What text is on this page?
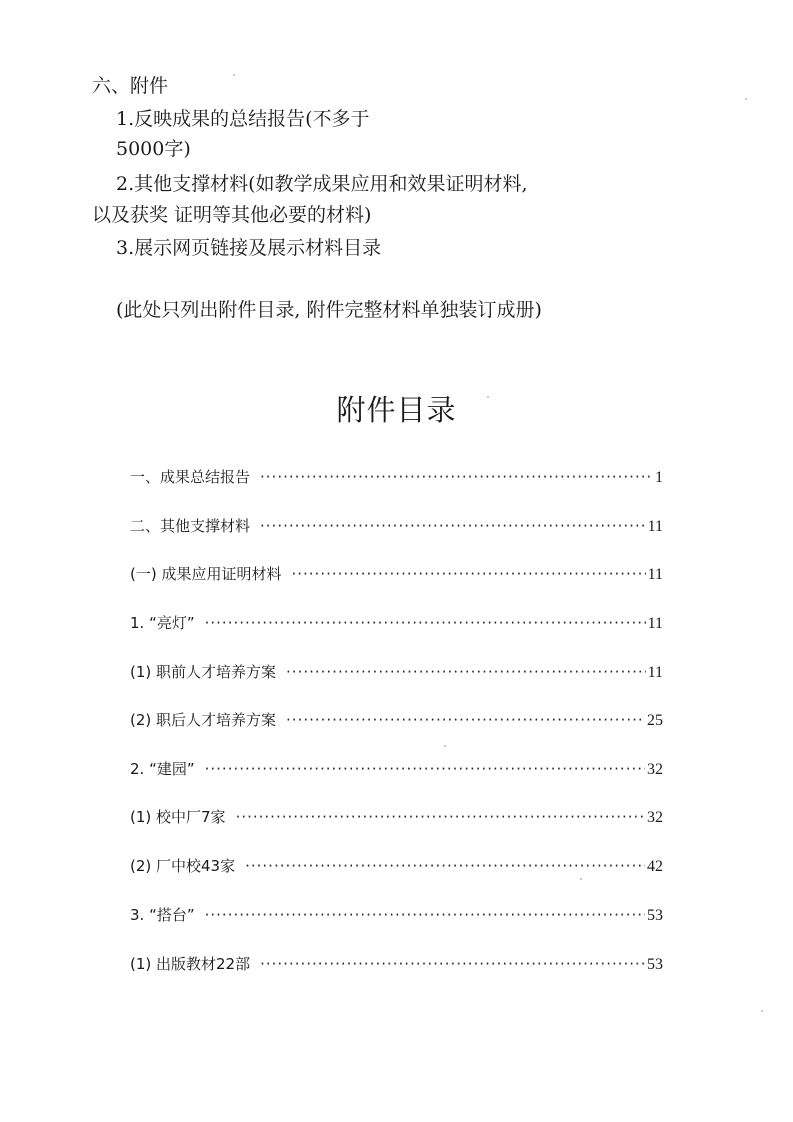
六、附件
1.反映成果的总结报告(不多于
5000字)
2.其他支撑材料(如教学成果应用和效果证明材料,
以及获奖 证明等其他必要的材料)
3.展示网页链接及展示材料目录
(此处只列出附件目录, 附件完整材料单独装订成册)
附件目录
一、成果总结报告 ·····	1
二、其他支撑材料 ·····	11
(一) 成果应用证明材料 ·····	11
1. “亮灯” ·····	11
(1) 职前人才培养方案 ·····	11
(2) 职后人才培养方案 ·····	25
2. “建园” ·····	32
(1) 校中厂7家 ·····	32
(2) 厂中校43家 ·····	42
3. “搭台” ·····	53
(1) 出版教材22部 ·····	53
